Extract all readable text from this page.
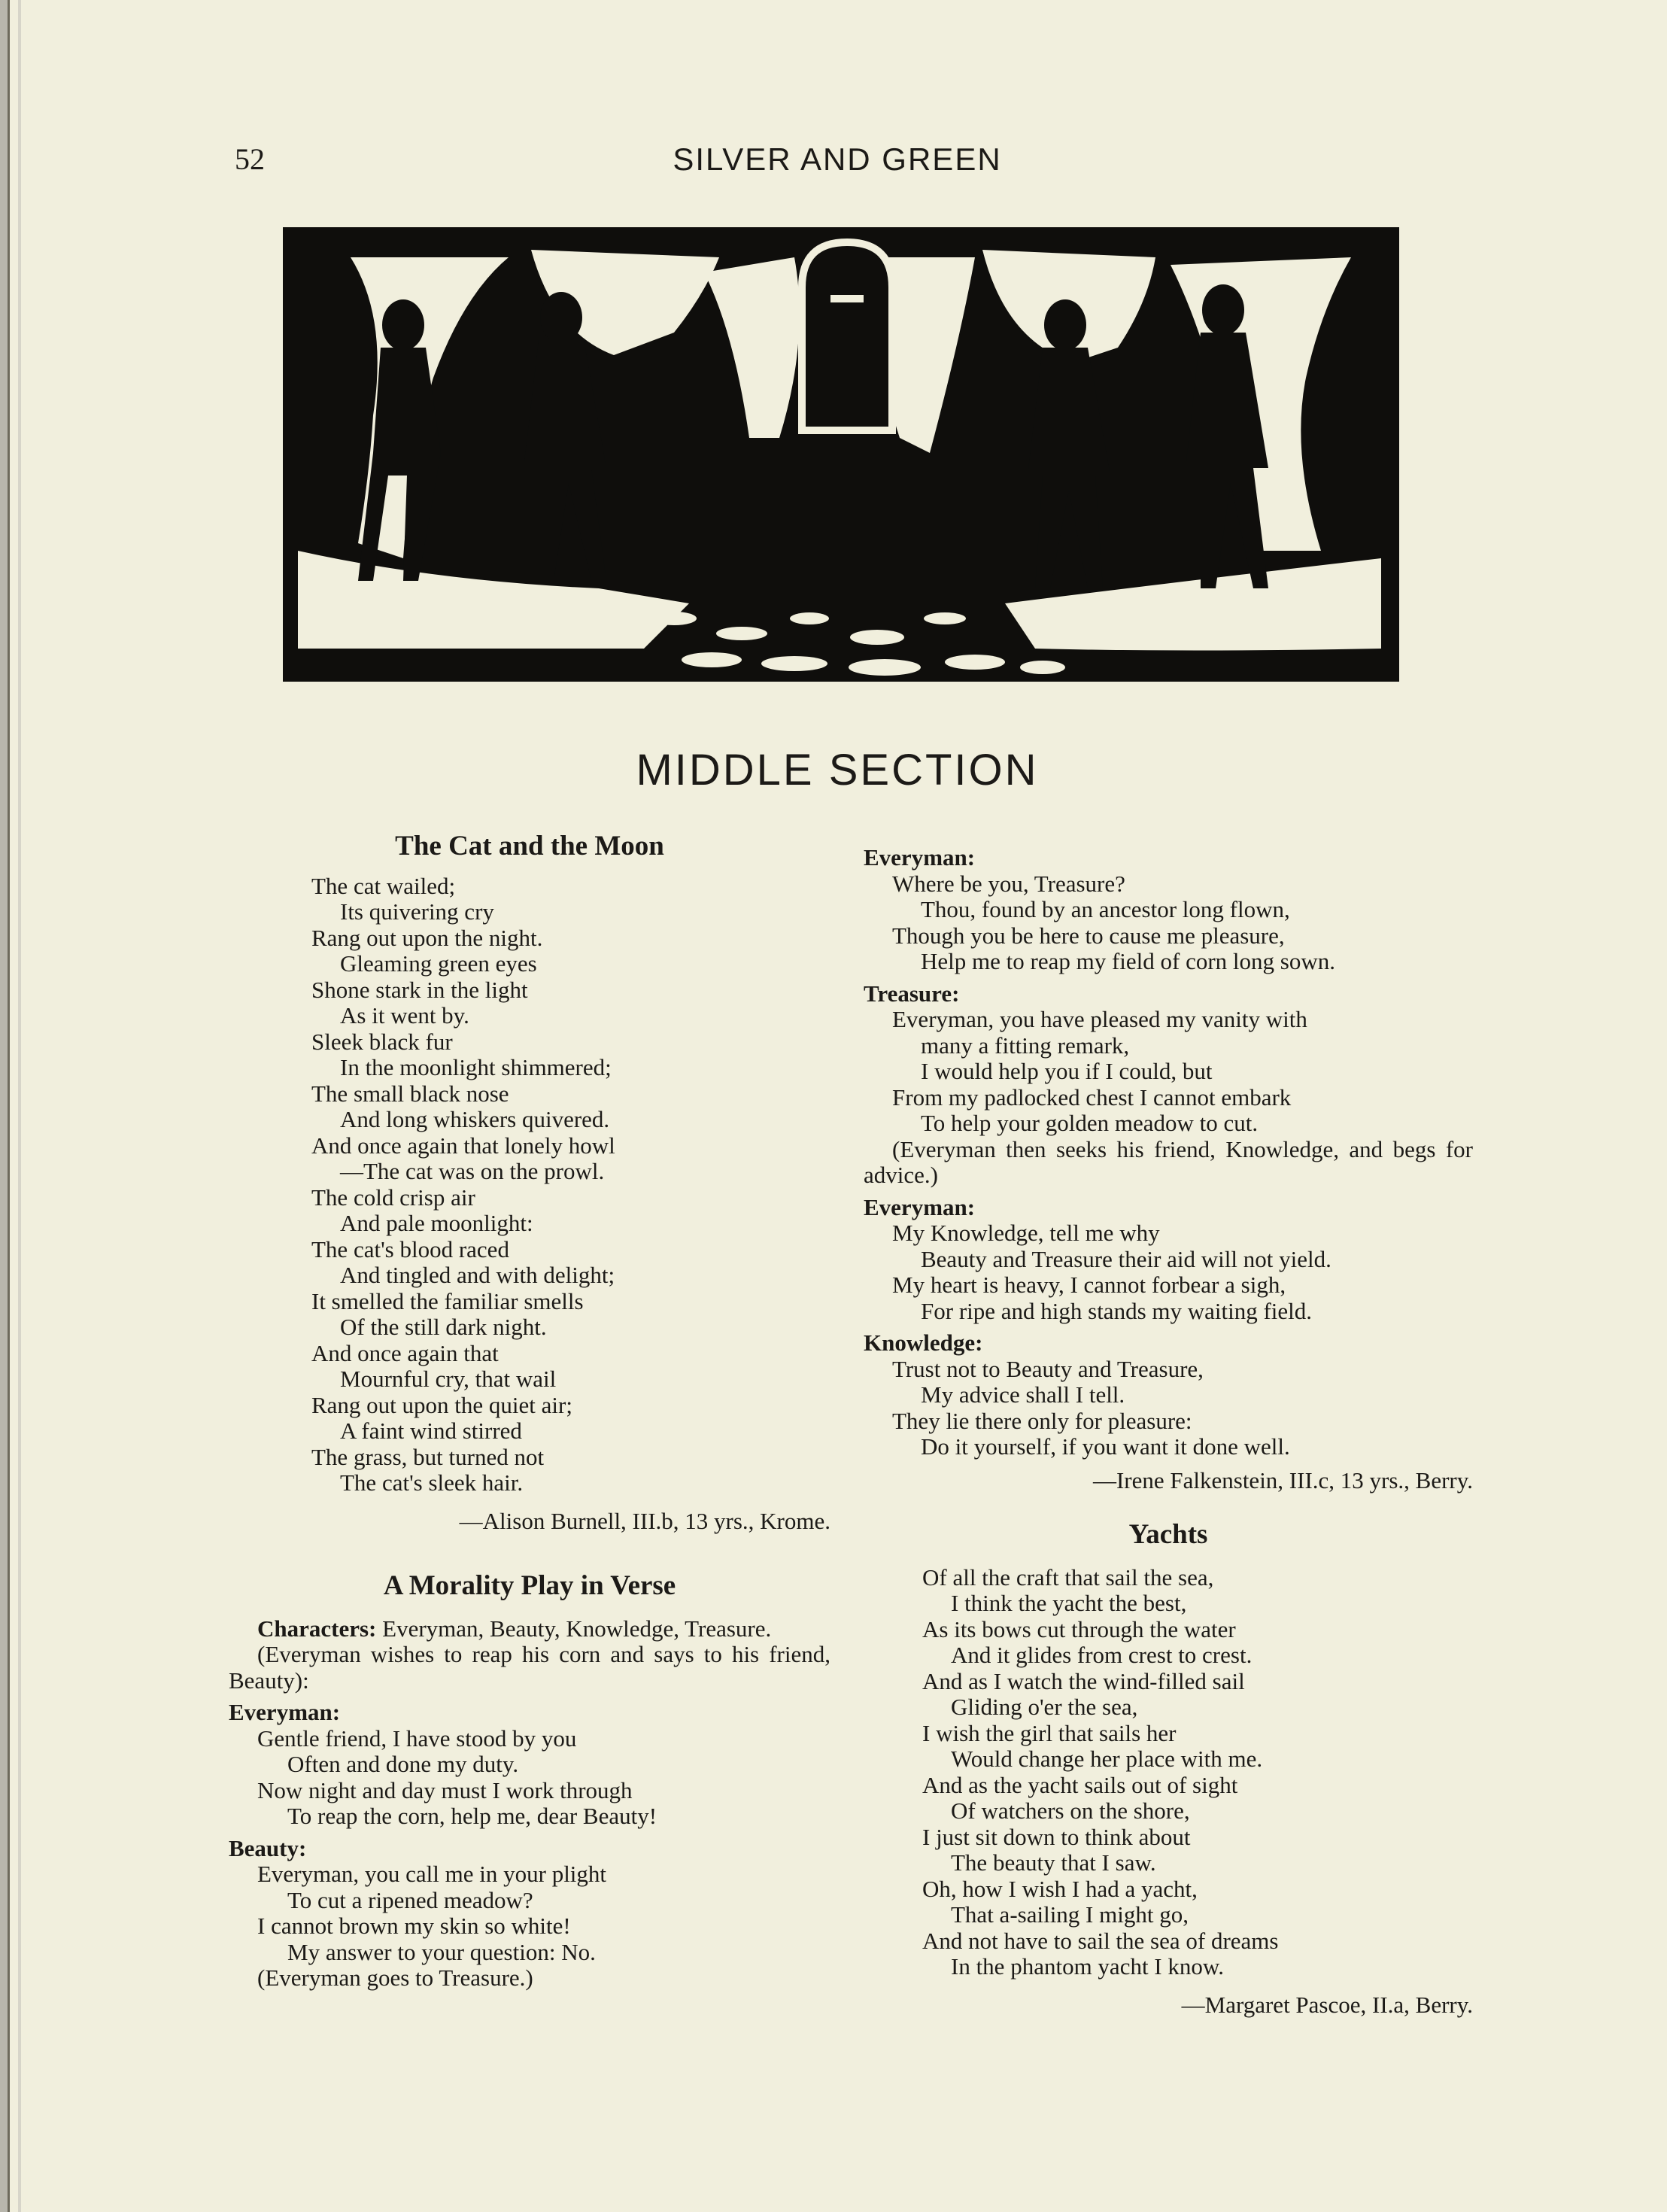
52	SILVER AND GREEN
MIDDLE SECTION
The Cat and the Moon
The cat wailed;
Its quivering cry
Rang out upon the night.
Gleaming green eyes
Shone stark in the light
As it went by.
Sleek black fur
In the moonlight shimmered;
The small black nose
And long whiskers quivered.
And once again that lonely howl
—The cat was on the prowl.
The cold crisp air
And pale moonlight:
The cat's blood raced
And tingled and with delight;
It smelled the familiar smells
Of the still dark night.
And once again that
Mournful cry, that wail
Rang out upon the quiet air;
A faint wind stirred
The grass, but turned not
The cat's sleek hair.
—Alison Burnell, III.b, 13 yrs., Krome.
A Morality Play in Verse
Characters: Everyman, Beauty, Knowledge, Treasure.
(Everyman wishes to reap his corn and says to his friend, Beauty):
Everyman:
Gentle friend, I have stood by you
Often and done my duty.
Now night and day must I work through
To reap the corn, help me, dear Beauty!
Beauty:
Everyman, you call me in your plight
To cut a ripened meadow?
I cannot brown my skin so white!
My answer to your question: No.
(Everyman goes to Treasure.)
Everyman:
Where be you, Treasure?
Thou, found by an ancestor long flown,
Though you be here to cause me pleasure,
Help me to reap my field of corn long sown.
Treasure:
Everyman, you have pleased my vanity with
many a fitting remark,
I would help you if I could, but
From my padlocked chest I cannot embark
To help your golden meadow to cut.
(Everyman then seeks his friend, Knowledge, and begs for advice.)
Everyman:
My Knowledge, tell me why
Beauty and Treasure their aid will not yield.
My heart is heavy, I cannot forbear a sigh,
For ripe and high stands my waiting field.
Knowledge:
Trust not to Beauty and Treasure,
My advice shall I tell.
They lie there only for pleasure:
Do it yourself, if you want it done well.
—Irene Falkenstein, III.c, 13 yrs., Berry.
Yachts
Of all the craft that sail the sea,
I think the yacht the best,
As its bows cut through the water
And it glides from crest to crest.
And as I watch the wind-filled sail
Gliding o'er the sea,
I wish the girl that sails her
Would change her place with me.
And as the yacht sails out of sight
Of watchers on the shore,
I just sit down to think about
The beauty that I saw.
Oh, how I wish I had a yacht,
That a-sailing I might go,
And not have to sail the sea of dreams
In the phantom yacht I know.
—Margaret Pascoe, II.a, Berry.
